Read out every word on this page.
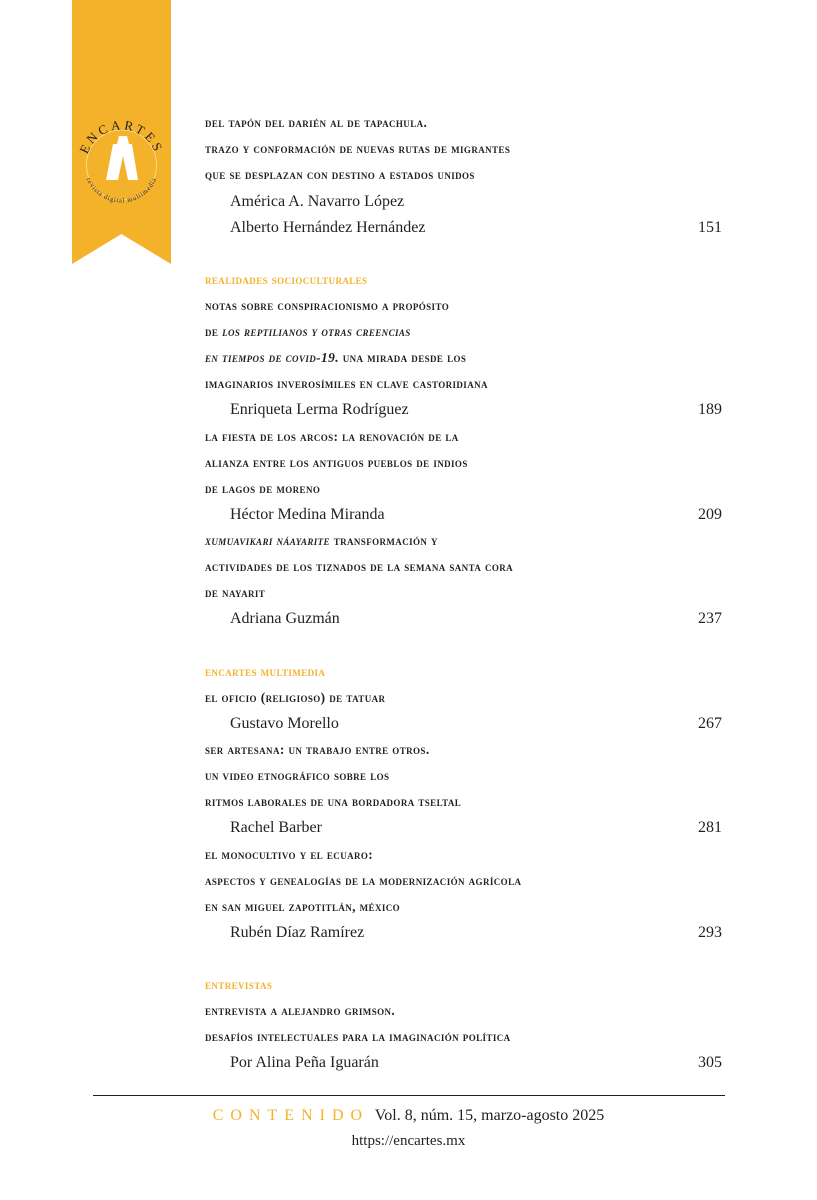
ENCARTES
revista digital multimedia
del tapón del darién al de tapachula.
trazo y conformación de nuevas rutas de migrantes
que se desplazan con destino a estados unidos
América A. Navarro López
Alberto Hernández Hernández	151
realidades socioculturales
notas sobre conspiracionismo a propósito
de los reptilianos y otras creencias
en tiempos de covid-19. una mirada desde los
imaginarios inverosímiles en clave castoridiana
Enriqueta Lerma Rodríguez	189
la fiesta de los arcos: la renovación de la
alianza entre los antiguos pueblos de indios
de lagos de moreno
Héctor Medina Miranda	209
xumuavikari náayarite transformación y
actividades de los tiznados de la semana santa cora
de nayarit
Adriana Guzmán	237
encartes multimedia
el oficio (religioso) de tatuar
Gustavo Morello	267
ser artesana: un trabajo entre otros.
un video etnográfico sobre los
ritmos laborales de una bordadora tseltal
Rachel Barber	281
el monocultivo y el ecuaro:
aspectos y genealogías de la modernización agrícola
en san miguel zapotitlán, méxico
Rubén Díaz Ramírez	293
entrevistas
entrevista a alejandro grimson.
desafíos intelectuales para la imaginación política
Por Alina Peña Iguarán	305
CONTENIDO Vol. 8, núm. 15, marzo-agosto 2025
https://encartes.mx
